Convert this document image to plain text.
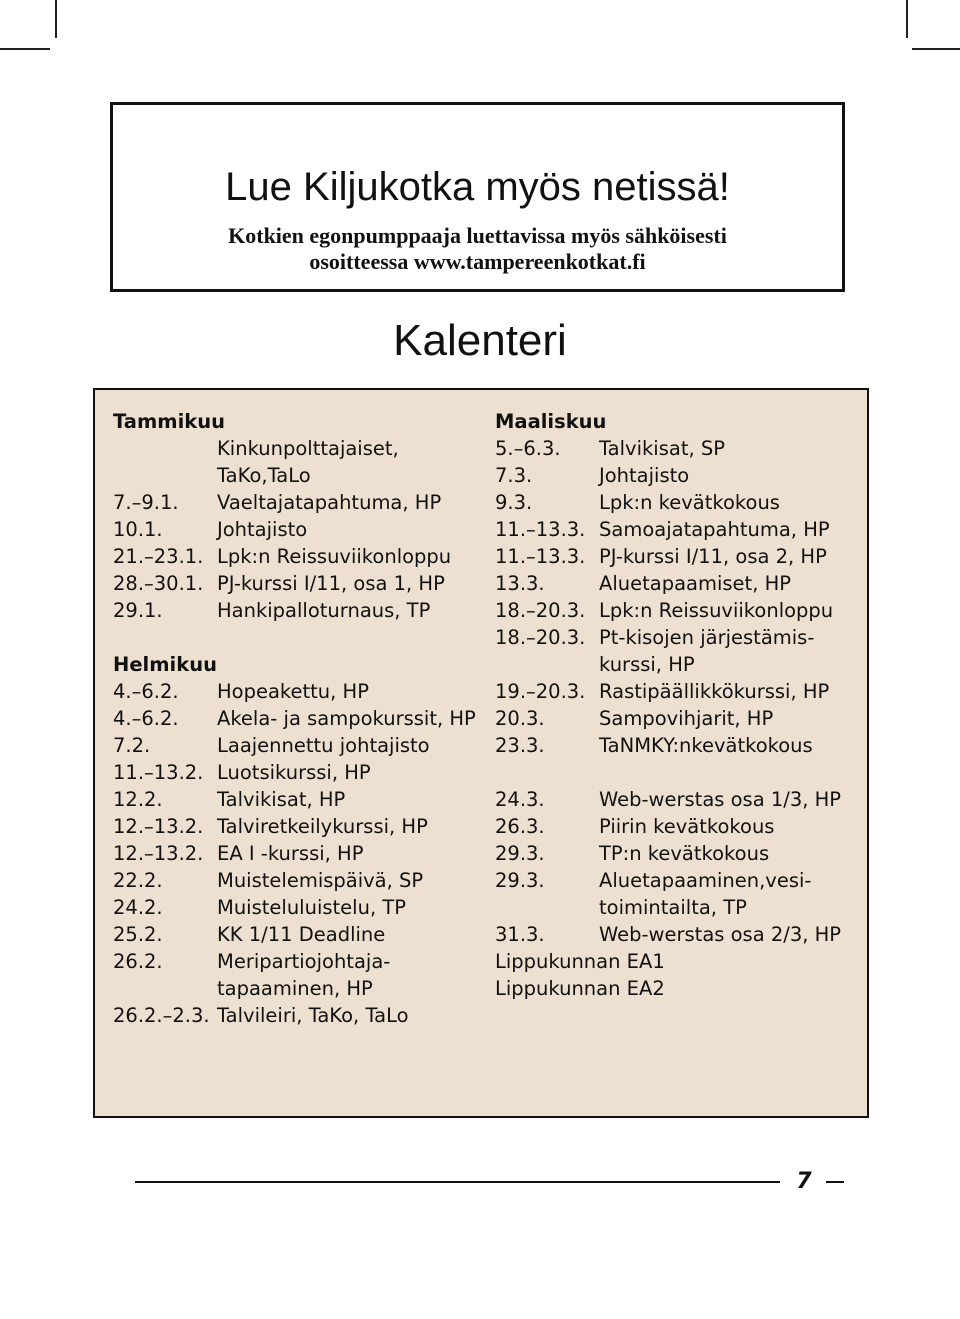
Lue Kiljukotka myös netissä!
Kotkien egonpumppaaja luettavissa myös sähköisesti
osoitteessa www.tampereenkotkat.fi
Kalenteri
Tammikuu
Kinkunpolttajaiset, TaKo,TaLo
7.–9.1.	Vaeltajatapahtuma, HP
10.1.	Johtajisto
21.–23.1. Lpk:n Reissuviikonloppu
28.–30.1. PJ-kurssi I/11, osa 1, HP
29.1.	Hankipalloturnaus, TP
Helmikuu
4.–6.2.	Hopeakettu, HP
4.–6.2.	Akela- ja sampokurssit, HP
7.2.	Laajennettu johtajisto
11.–13.2. Luotsikurssi, HP
12.2.	Talvikisat, HP
12.–13.2. Talviretkeilykurssi, HP
12.–13.2. EA I -kurssi, HP
22.2.	Muistelemispäivä, SP
24.2.	Muisteluluistelu, TP
25.2.	KK 1/11 Deadline
26.2.	Meripartiojohtaja-tapaaminen, HP
26.2.–2.3. Talvileiri, TaKo, TaLo
Maaliskuu
5.–6.3.	Talvikisat, SP
7.3.	Johtajisto
9.3.	Lpk:n kevätkokous
11.–13.3. Samoajatapahtuma, HP
11.–13.3. PJ-kurssi I/11, osa 2, HP
13.3.	Aluetapaamiset, HP
18.–20.3. Lpk:n Reissuviikonloppu
18.–20.3. Pt-kisojen järjestämis-kurssi, HP
19.–20.3. Rastipäällikkökurssi, HP
20.3.	Sampovihjarit, HP
23.3.	TaNMKY:nkevätkokous
24.3.	Web-werstas osa 1/3, HP
26.3.	Piirin kevätkokous
29.3.	TP:n kevätkokous
29.3.	Aluetapaaminen,vesi-toimintailta, TP
31.3.	Web-werstas osa 2/3, HP
Lippukunnan EA1
Lippukunnan EA2
7
